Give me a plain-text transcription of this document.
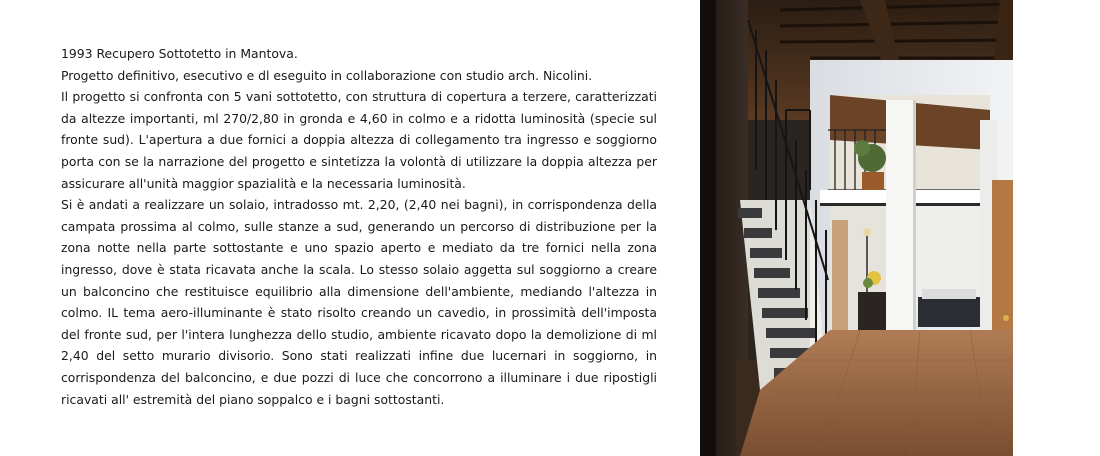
1993 Recupero Sottotetto in Mantova.

Progetto definitivo, esecutivo e dl eseguito in collaborazione con studio arch. Nicolini.

Il progetto si confronta con 5 vani sottotetto, con struttura di copertura a terzere, caratterizzati da altezze importanti, ml 270/2,80 in gronda e 4,60 in colmo e a ridotta luminosità (specie sul fronte sud). L'apertura a due fornici a doppia altezza di collegamento tra ingresso e soggiorno porta con se la narrazione del progetto e sintetizza la volontà di utilizzare la doppia altezza per assicurare all'unità maggior spazialità e la necessaria luminosità.

Si è andati a realizzare un solaio, intradosso mt. 2,20, (2,40 nei bagni), in corrispondenza della campata prossima al colmo, sulle stanze a sud, generando un percorso di distribuzione per la zona notte nella parte sottostante e uno spazio aperto e mediato da tre fornici nella zona ingresso, dove è stata ricavata anche la scala. Lo stesso solaio aggetta sul soggiorno a creare un balconcino che restituisce equilibrio alla dimensione dell'ambiente, mediando l'altezza in colmo. IL tema aero-illuminante è stato risolto creando un cavedio, in prossimità dell'imposta del fronte sud, per l'intera lunghezza dello studio, ambiente ricavato dopo la demolizione di ml 2,40 del setto murario divisorio. Sono stati realizzati infine due lucernari in soggiorno, in corrispondenza del balconcino, e due pozzi di luce che concorrono a illuminare i due ripostigli ricavati all' estremità del piano soppalco e i bagni sottostanti.
